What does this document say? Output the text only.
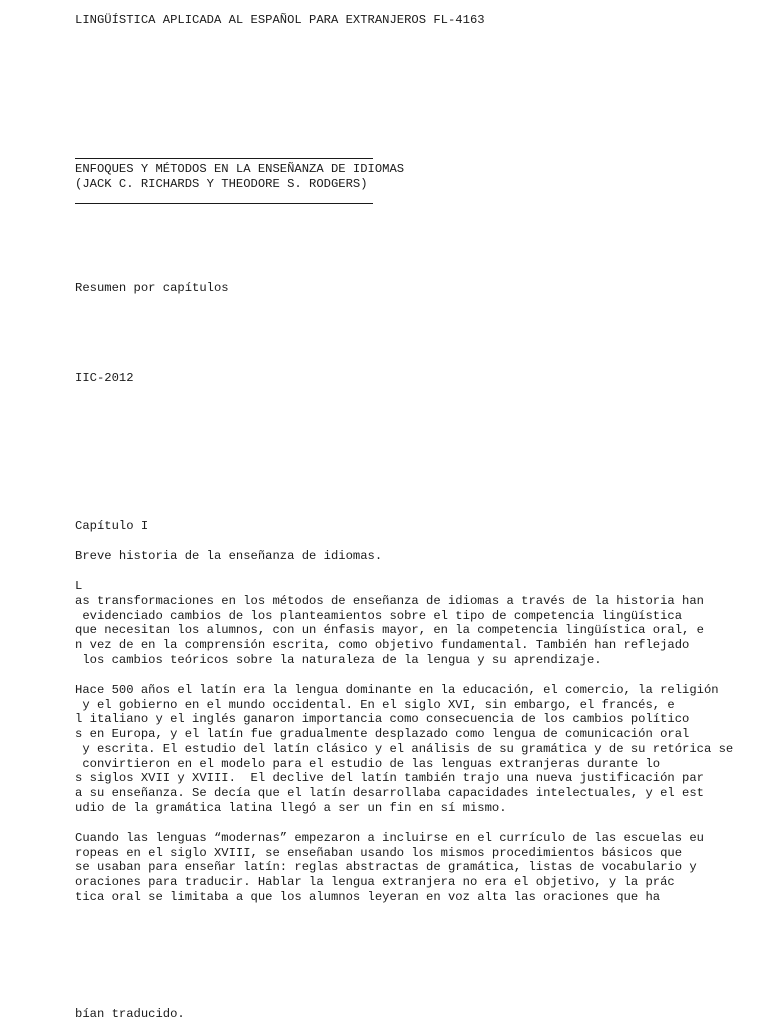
LINGÜÍSTICA APLICADA AL ESPAÑOL PARA EXTRANJEROS FL-4163
ENFOQUES Y MÉTODOS EN LA ENSEÑANZA DE IDIOMAS
(JACK C. RICHARDS Y THEODORE S. RODGERS)
Resumen por capítulos
IIC-2012
Capítulo I
Breve historia de la enseñanza de idiomas.
L
as transformaciones en los métodos de enseñanza de idiomas a través de la historia han
evidenciado cambios de los planteamientos sobre el tipo de competencia lingüística
que necesitan los alumnos, con un énfasis mayor, en la competencia lingüística oral, e
n vez de en la comprensión escrita, como objetivo fundamental. También han reflejado
los cambios teóricos sobre la naturaleza de la lengua y su aprendizaje.
Hace 500 años el latín era la lengua dominante en la educación, el comercio, la religión
y el gobierno en el mundo occidental. En el siglo XVI, sin embargo, el francés, e
l italiano y el inglés ganaron importancia como consecuencia de los cambios político
s en Europa, y el latín fue gradualmente desplazado como lengua de comunicación oral
y escrita. El estudio del latín clásico y el análisis de su gramática y de su retórica se
convirtieron en el modelo para el estudio de las lenguas extranjeras durante lo
s siglos XVII y XVIII.  El declive del latín también trajo una nueva justificación par
a su enseñanza. Se decía que el latín desarrollaba capacidades intelectuales, y el est
udio de la gramática latina llegó a ser un fin en sí mismo.
Cuando las lenguas “modernas” empezaron a incluirse en el currículo de las escuelas eu
ropeas en el siglo XVIII, se enseñaban usando los mismos procedimientos básicos que
se usaban para enseñar latín: reglas abstractas de gramática, listas de vocabulario y
oraciones para traducir. Hablar la lengua extranjera no era el objetivo, y la prác
tica oral se limitaba a que los alumnos leyeran en voz alta las oraciones que ha
bían traducido.
